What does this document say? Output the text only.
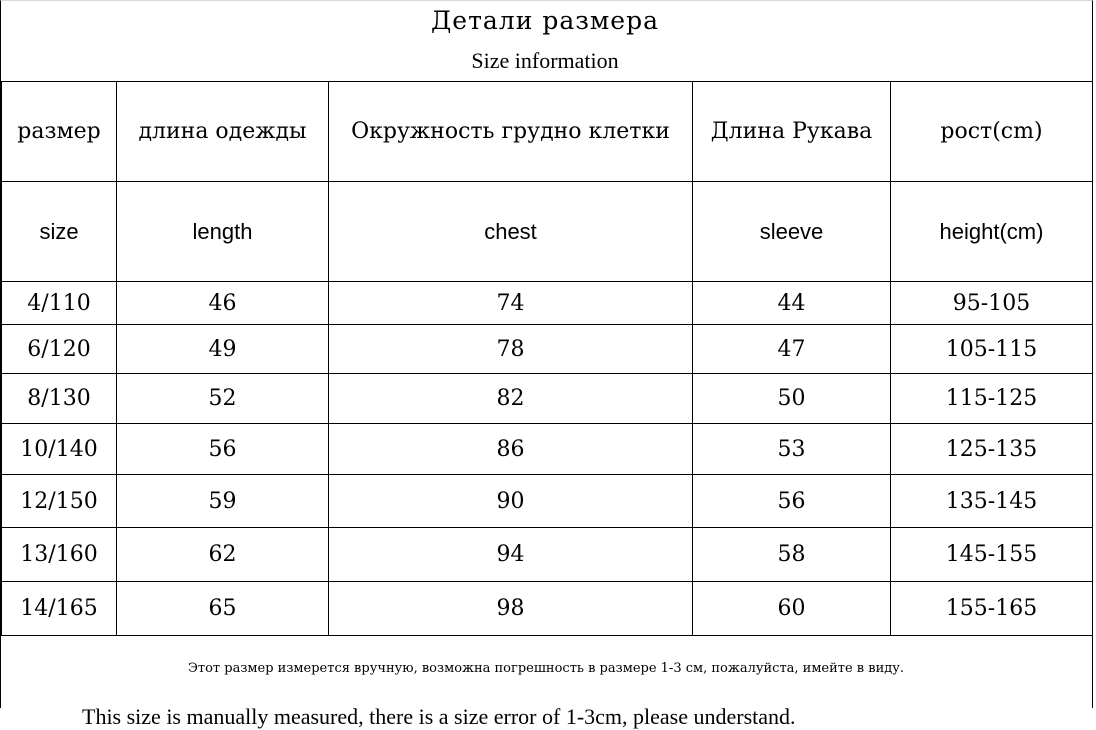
Детали размера
Size information
размер	длина одежды	Окружность грудно клетки	Длина Рукава	рост(cm)
size	length	chest	sleeve	height(cm)
4/110	46	74	44	95-105
6/120	49	78	47	105-115
8/130	52	82	50	115-125
10/140	56	86	53	125-135
12/150	59	90	56	135-145
13/160	62	94	58	145-155
14/165	65	98	60	155-165
Этот размер измерется вручную, возможна погрешность в размере 1-3 см, пожалуйста, имейте в виду.
This size is manually measured, there is a size error of 1-3cm, please understand.
